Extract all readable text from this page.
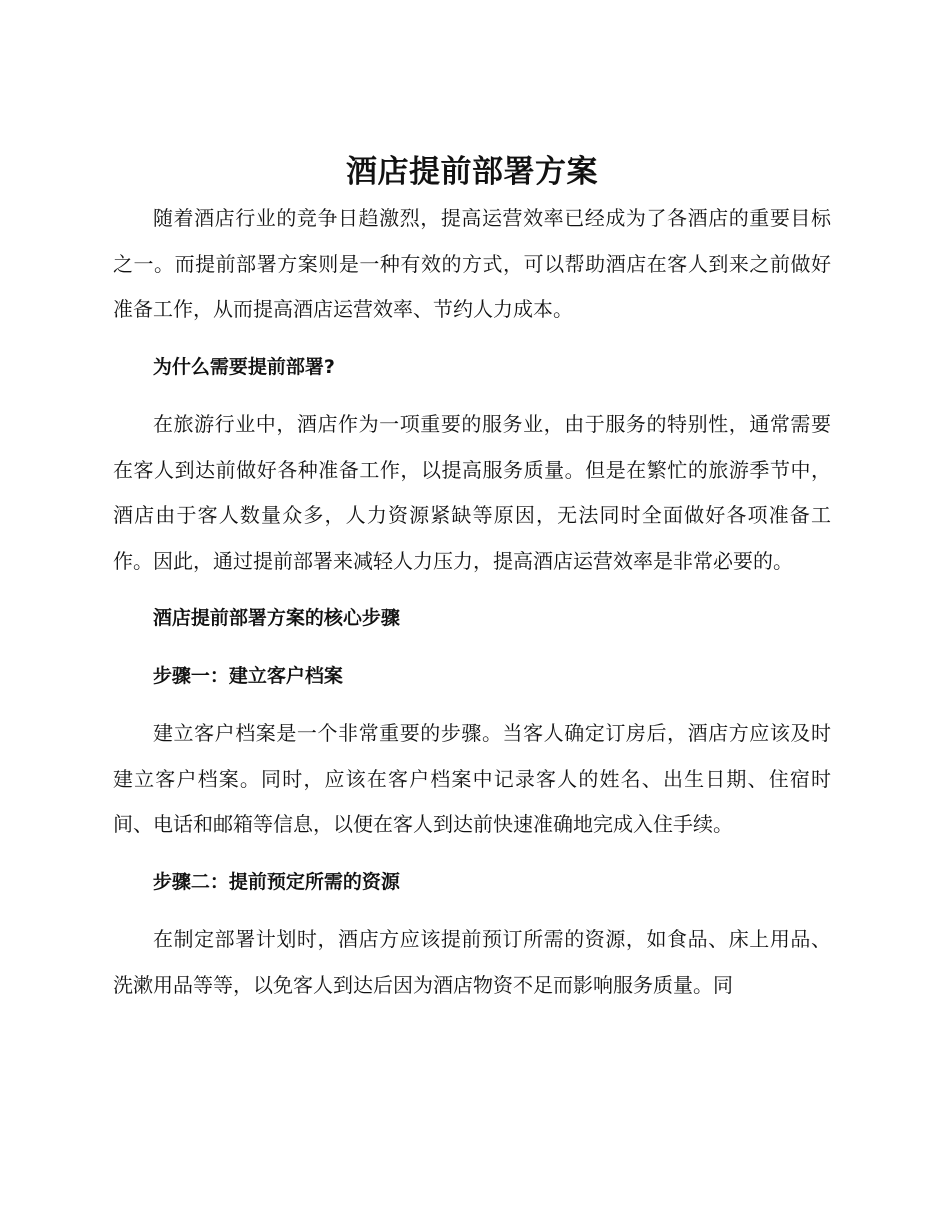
酒店提前部署方案

随着酒店行业的竞争日趋激烈，提高运营效率已经成为了各酒店的重要目标之一。而提前部署方案则是一种有效的方式，可以帮助酒店在客人到来之前做好准备工作，从而提高酒店运营效率、节约人力成本。

为什么需要提前部署?

在旅游行业中，酒店作为一项重要的服务业，由于服务的特别性，通常需要在客人到达前做好各种准备工作，以提高服务质量。但是在繁忙的旅游季节中，酒店由于客人数量众多，人力资源紧缺等原因，无法同时全面做好各项准备工作。因此，通过提前部署来减轻人力压力，提高酒店运营效率是非常必要的。

酒店提前部署方案的核心步骤

步骤一：建立客户档案

建立客户档案是一个非常重要的步骤。当客人确定订房后，酒店方应该及时建立客户档案。同时，应该在客户档案中记录客人的姓名、出生日期、住宿时间、电话和邮箱等信息，以便在客人到达前快速准确地完成入住手续。

步骤二：提前预定所需的资源

在制定部署计划时，酒店方应该提前预订所需的资源，如食品、床上用品、洗漱用品等等，以免客人到达后因为酒店物资不足而影响服务质量。同
